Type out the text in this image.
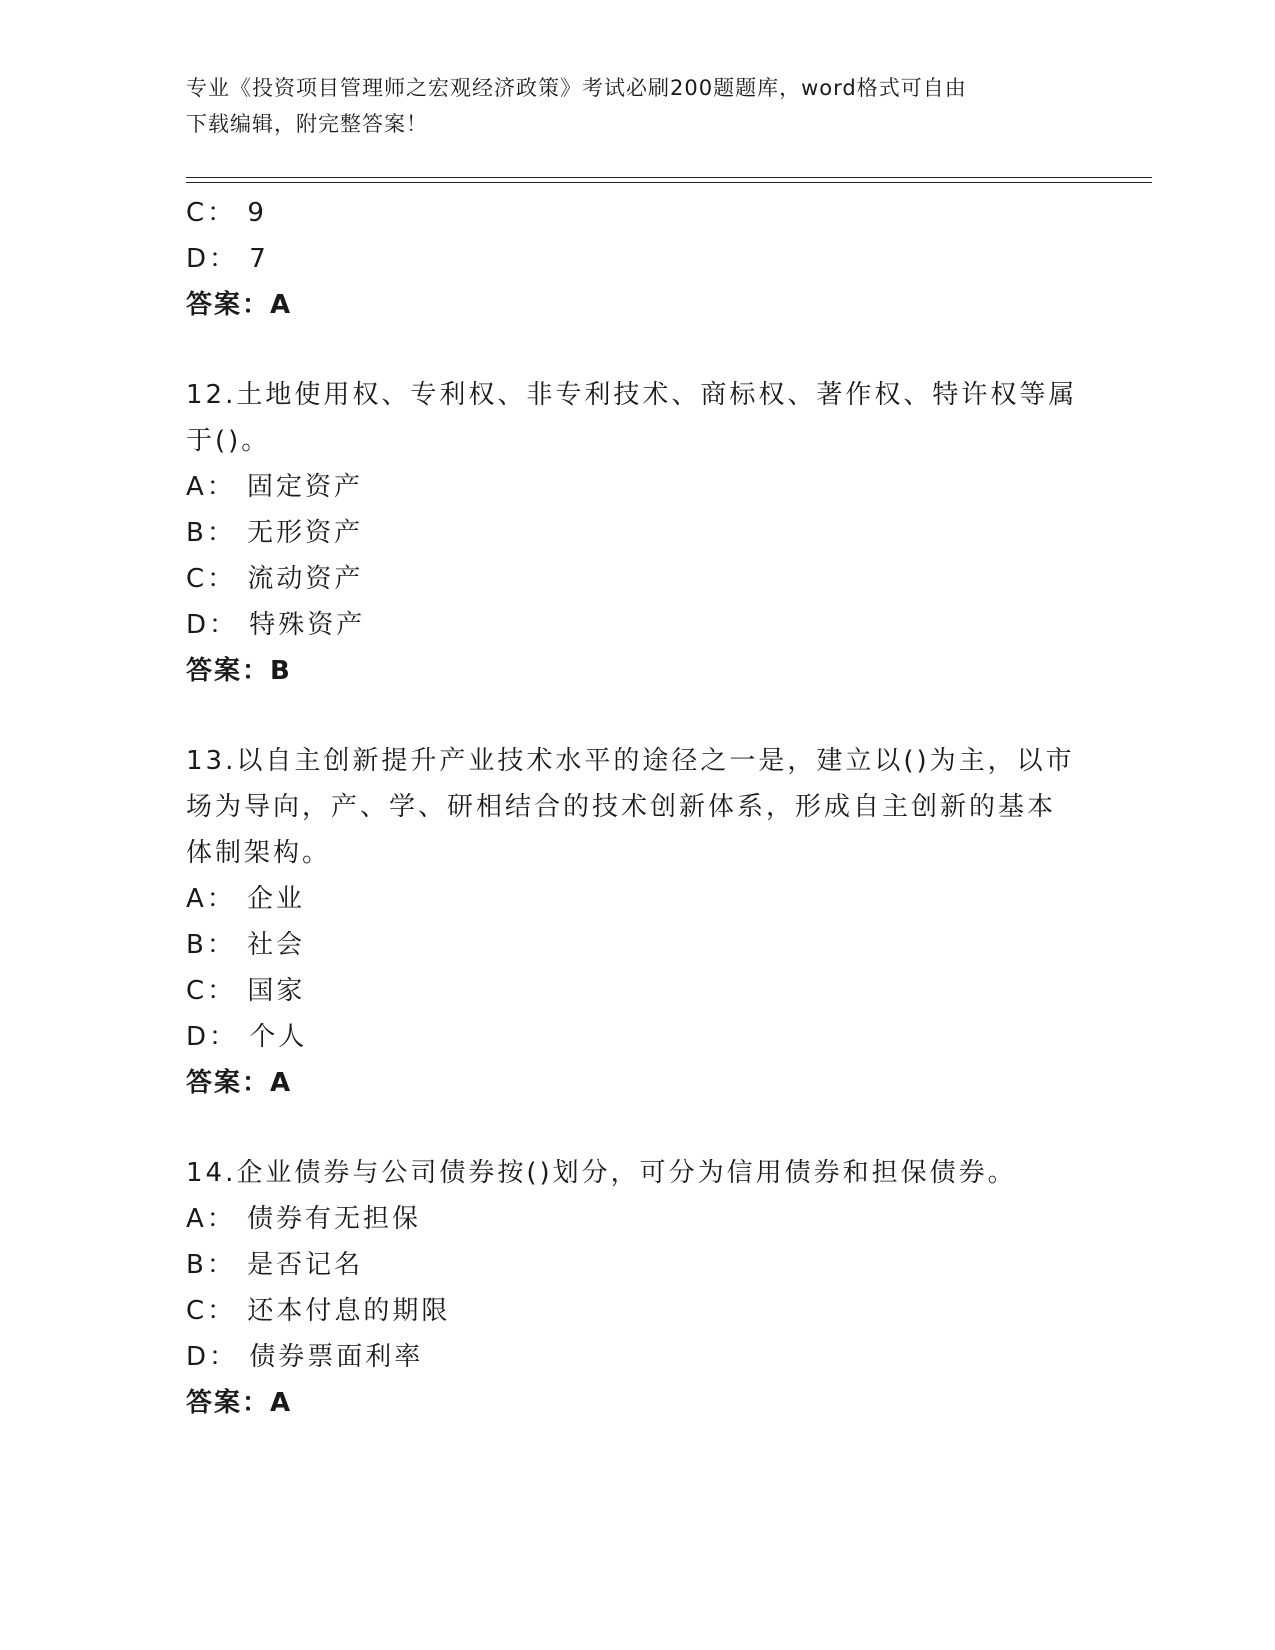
专业《投资项目管理师之宏观经济政策》考试必刷200题题库，word格式可自由
下载编辑，附完整答案！
C： 9
D： 7
答案：A
12.土地使用权、专利权、非专利技术、商标权、著作权、特许权等属
于()。
A： 固定资产
B： 无形资产
C： 流动资产
D： 特殊资产
答案：B
13.以自主创新提升产业技术水平的途径之一是，建立以()为主，以市
场为导向，产、学、研相结合的技术创新体系，形成自主创新的基本
体制架构。
A： 企业
B： 社会
C： 国家
D： 个人
答案：A
14.企业债券与公司债券按()划分，可分为信用债券和担保债券。
A： 债券有无担保
B： 是否记名
C： 还本付息的期限
D： 债券票面利率
答案：A
